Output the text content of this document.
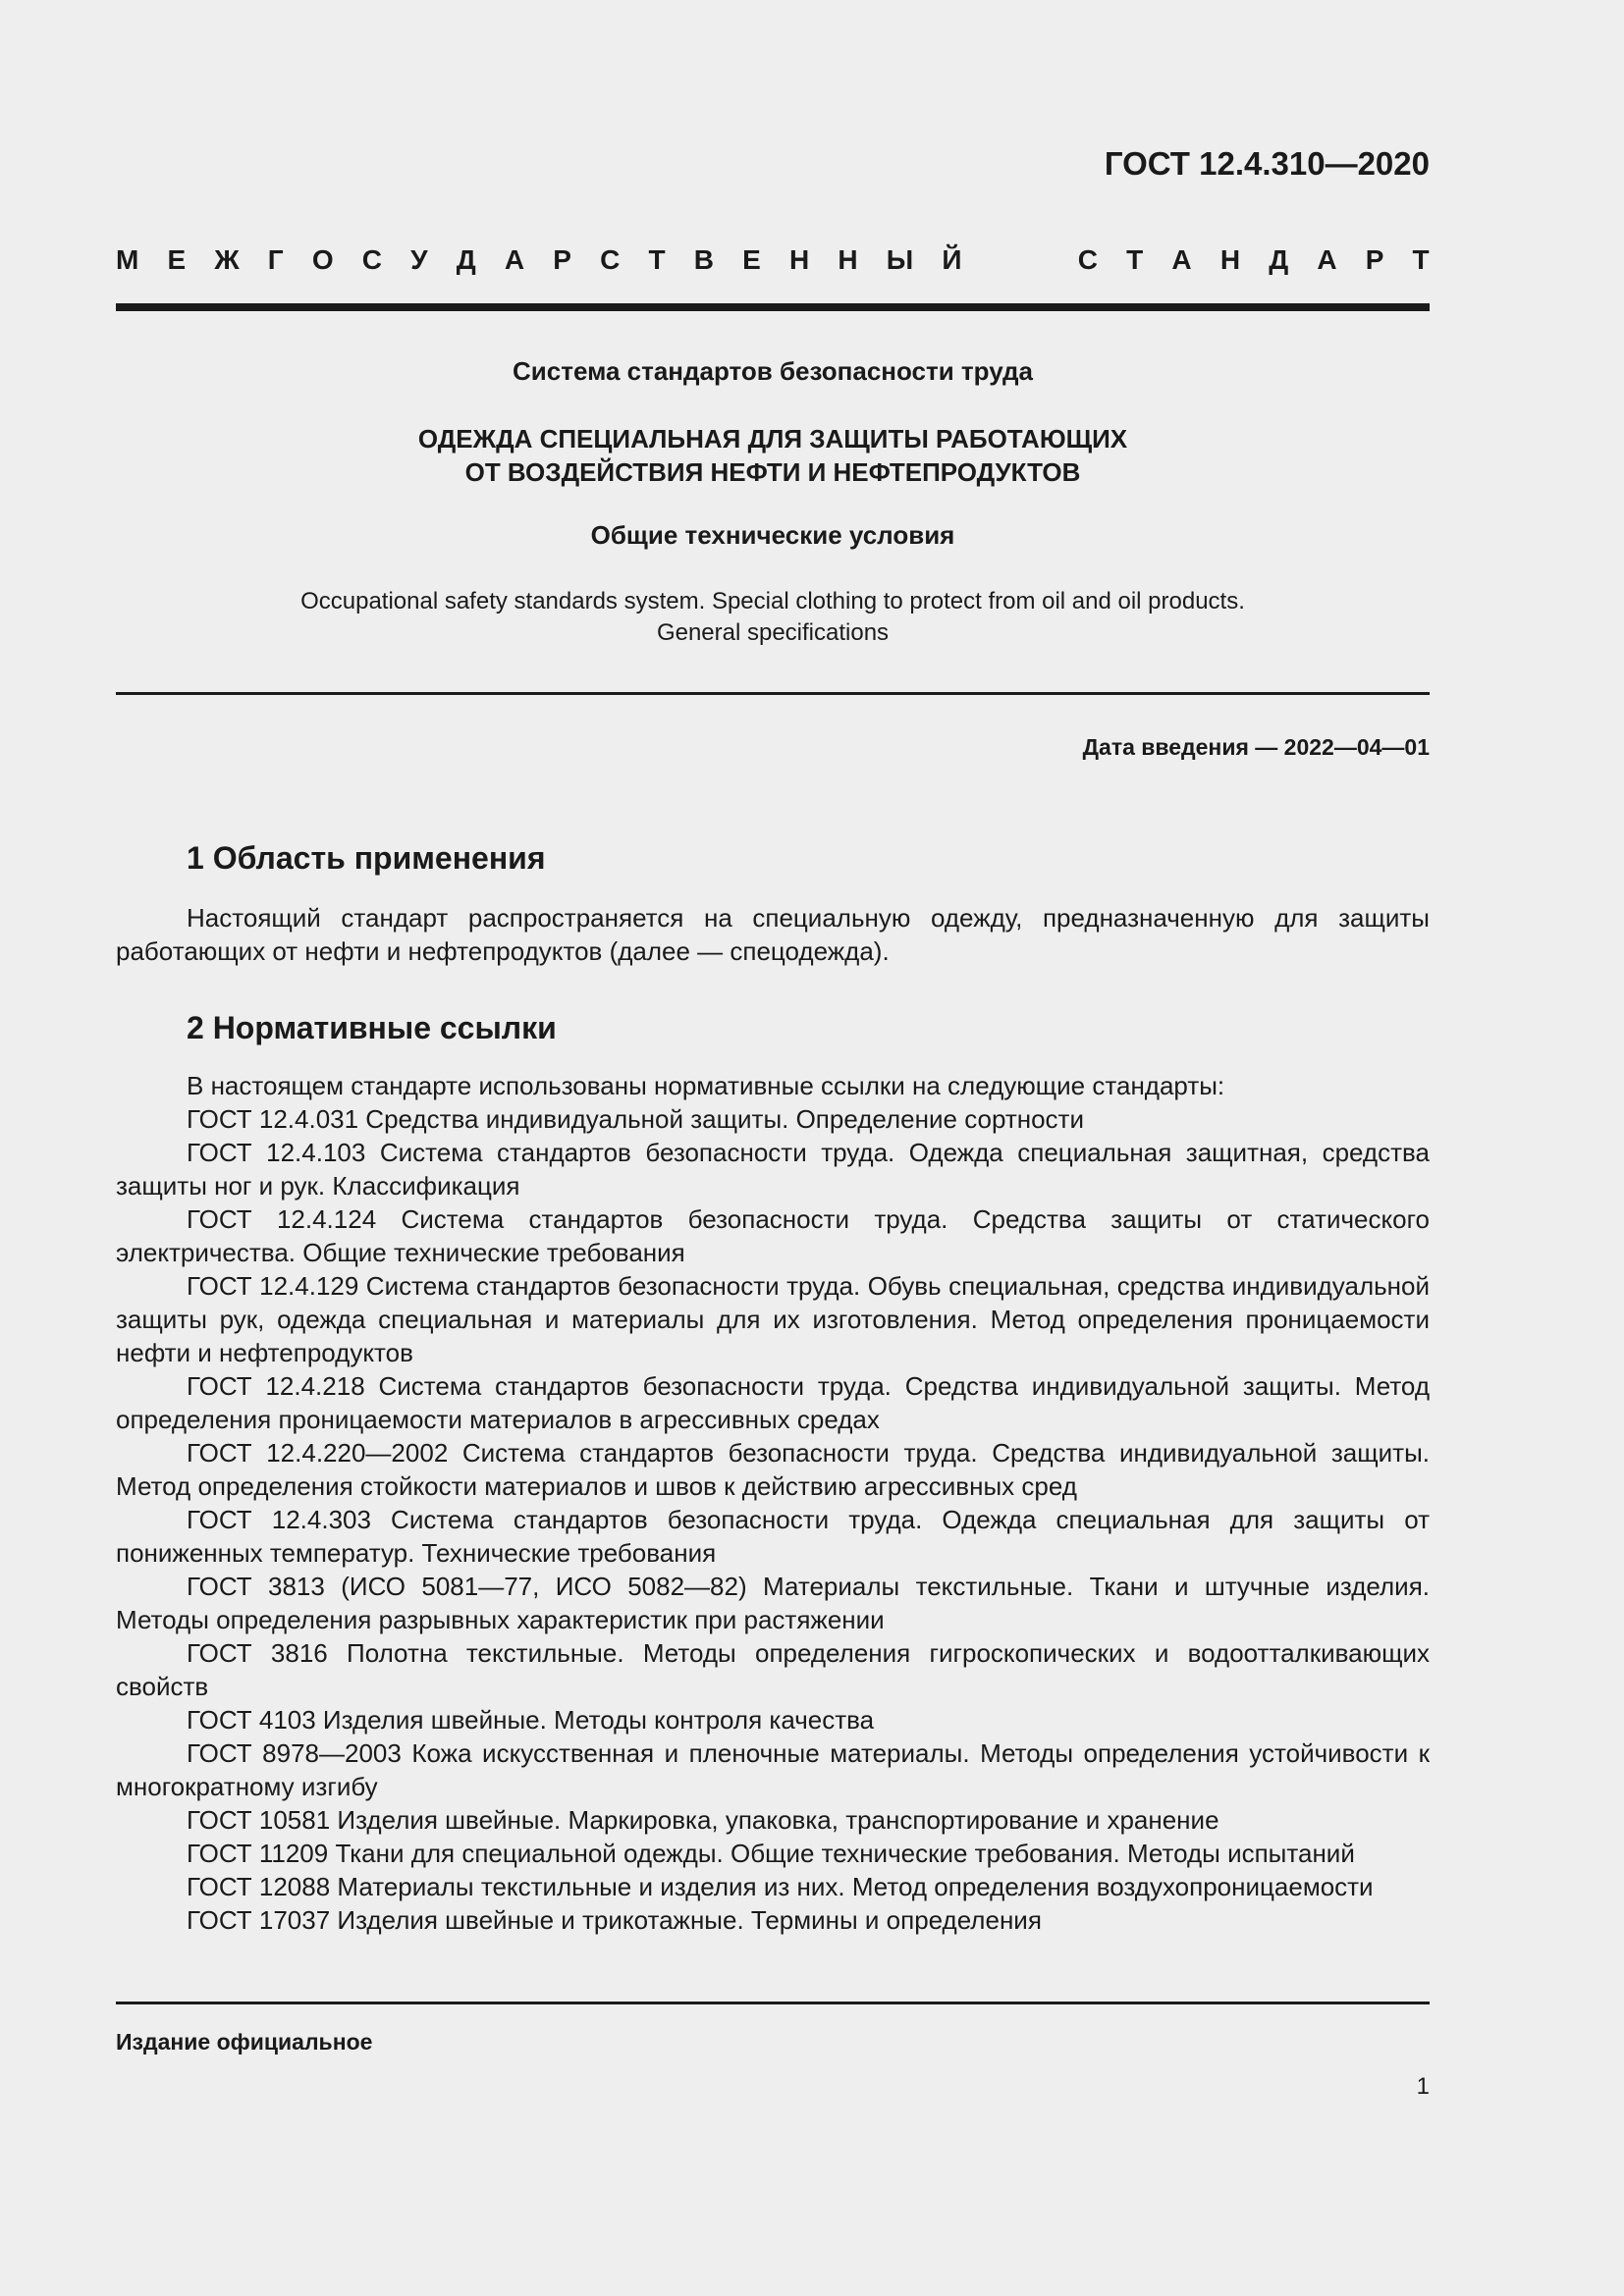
ГОСТ 12.4.310—2020
М Е Ж Г О С У Д А Р С Т В Е Н Н Ы Й	С Т А Н Д А Р Т
Система стандартов безопасности труда
ОДЕЖДА СПЕЦИАЛЬНАЯ ДЛЯ ЗАЩИТЫ РАБОТАЮЩИХ
ОТ ВОЗДЕЙСТВИЯ НЕФТИ И НЕФТЕПРОДУКТОВ
Общие технические условия
Occupational safety standards system. Special clothing to protect from oil and oil products.
General specifications
Дата введения — 2022—04—01
1 Область применения
Настоящий стандарт распространяется на специальную одежду, предназначенную для защиты работающих от нефти и нефтепродуктов (далее — спецодежда).
2 Нормативные ссылки

В настоящем стандарте использованы нормативные ссылки на следующие стандарты:

ГОСТ 12.4.031 Средства индивидуальной защиты. Определение сортности

ГОСТ 12.4.103 Система стандартов безопасности труда. Одежда специальная защитная, средства защиты ног и рук. Классификация

ГОСТ 12.4.124 Система стандартов безопасности труда. Средства защиты от статического электричества. Общие технические требования

ГОСТ 12.4.129 Система стандартов безопасности труда. Обувь специальная, средства индивидуальной защиты рук, одежда специальная и материалы для их изготовления. Метод определения проницаемости нефти и нефтепродуктов

ГОСТ 12.4.218 Система стандартов безопасности труда. Средства индивидуальной защиты. Метод определения проницаемости материалов в агрессивных средах

ГОСТ 12.4.220—2002 Система стандартов безопасности труда. Средства индивидуальной защиты. Метод определения стойкости материалов и швов к действию агрессивных сред

ГОСТ 12.4.303 Система стандартов безопасности труда. Одежда специальная для защиты от пониженных температур. Технические требования

ГОСТ 3813 (ИСО 5081—77, ИСО 5082—82) Материалы текстильные. Ткани и штучные изделия. Методы определения разрывных характеристик при растяжении

ГОСТ 3816 Полотна текстильные. Методы определения гигроскопических и водоотталкивающих свойств

ГОСТ 4103 Изделия швейные. Методы контроля качества

ГОСТ 8978—2003 Кожа искусственная и пленочные материалы. Методы определения устойчивости к многократному изгибу

ГОСТ 10581 Изделия швейные. Маркировка, упаковка, транспортирование и хранение

ГОСТ 11209 Ткани для специальной одежды. Общие технические требования. Методы испытаний

ГОСТ 12088 Материалы текстильные и изделия из них. Метод определения воздухопроницаемости

ГОСТ 17037 Изделия швейные и трикотажные. Термины и определения

Издание официальное
1
